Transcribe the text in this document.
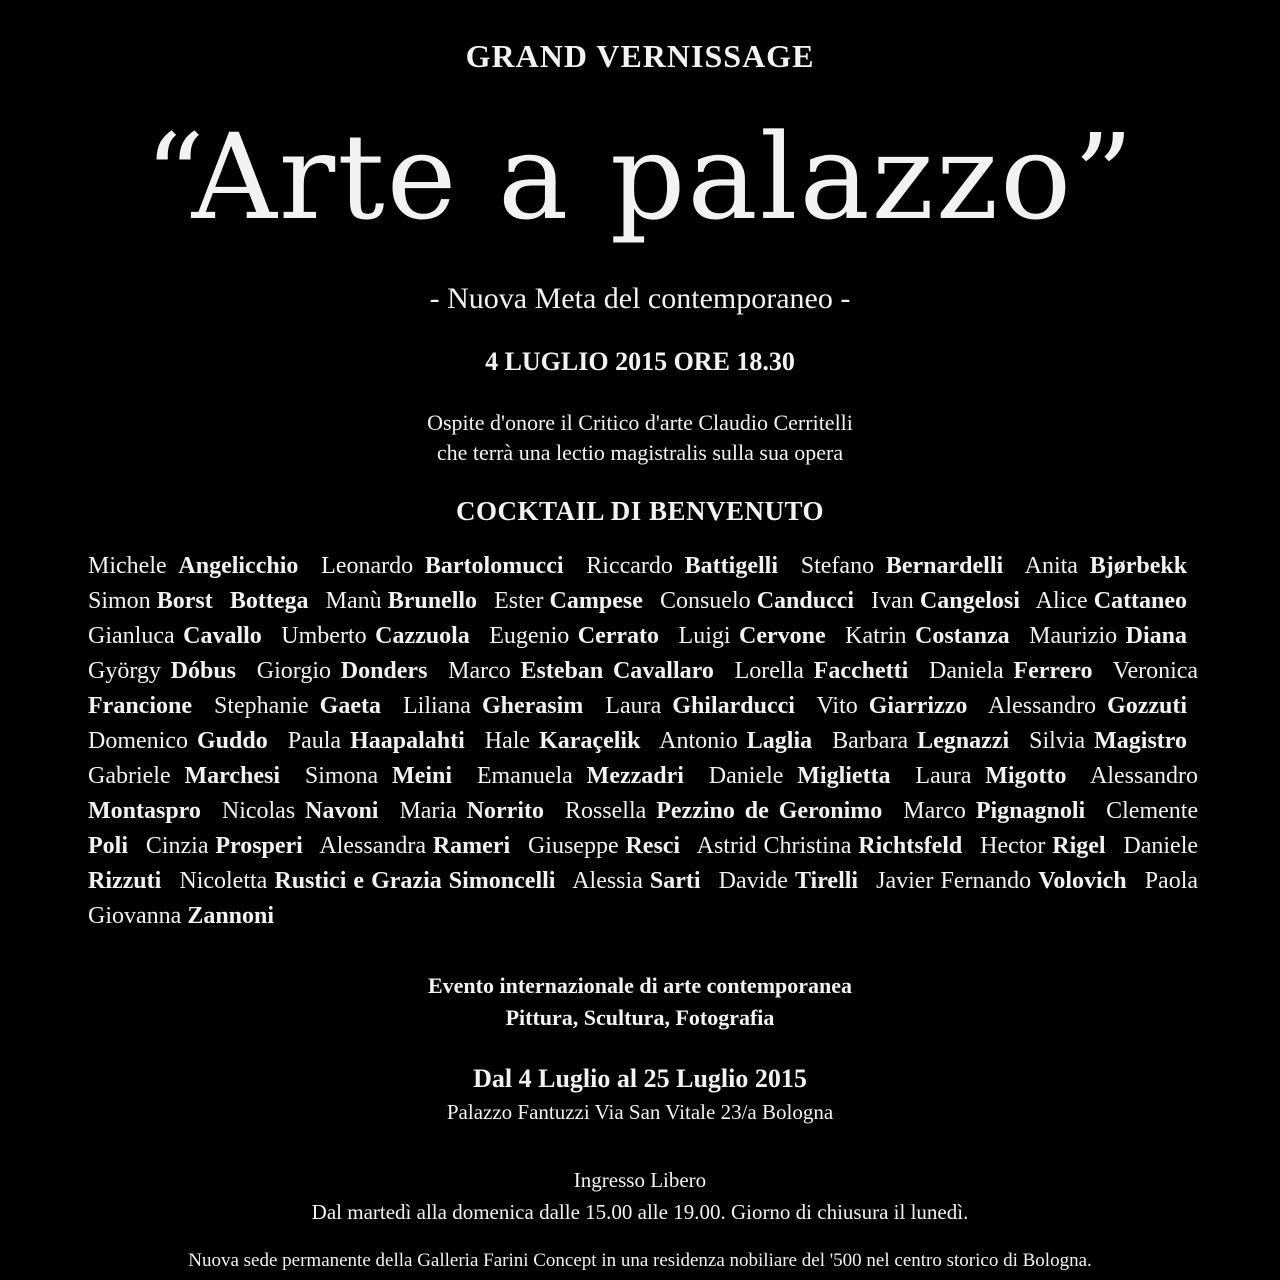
GRAND VERNISSAGE
“Arte a palazzo”
- Nuova Meta del contemporaneo -
4 LUGLIO 2015 ORE 18.30
Ospite d'onore il Critico d'arte Claudio Cerritelli
che terrà una lectio magistralis sulla sua opera
COCKTAIL DI BENVENUTO
Michele Angelicchio Leonardo Bartolomucci Riccardo Battigelli Stefano Bernardelli Anita Bjørbekk Simon Borst Bottega Manù Brunello Ester Campese Consuelo Canducci Ivan Cangelosi Alice Cattaneo Gianluca Cavallo Umberto Cazzuola Eugenio Cerrato Luigi Cervone Katrin Costanza Maurizio Diana György Dóbus Giorgio Donders Marco Esteban Cavallaro Lorella Facchetti Daniela Ferrero Veronica Francione Stephanie Gaeta Liliana Gherasim Laura Ghilarducci Vito Giarrizzo Alessandro Gozzuti Domenico Guddo Paula Haapalahti Hale Karaçelik Antonio Laglia Barbara Legnazzi Silvia Magistro Gabriele Marchesi Simona Meini Emanuela Mezzadri Daniele Miglietta Laura Migotto Alessandro Montaspro Nicolas Navoni Maria Norrito Rossella Pezzino de Geronimo Marco Pignagnoli Clemente Poli Cinzia Prosperi Alessandra Rameri Giuseppe Resci Astrid Christina Richtsfeld Hector Rigel Daniele Rizzuti Nicoletta Rustici e Grazia Simoncelli Alessia Sarti Davide Tirelli Javier Fernando Volovich Paola Giovanna Zannoni
Evento internazionale di arte contemporanea
Pittura, Scultura, Fotografia
Dal 4 Luglio al 25 Luglio 2015
Palazzo Fantuzzi Via San Vitale 23/a Bologna
Ingresso Libero
Dal martedì alla domenica dalle 15.00 alle 19.00. Giorno di chiusura il lunedì.
Nuova sede permanente della Galleria Farini Concept in una residenza nobiliare del '500 nel centro storico di Bologna.
